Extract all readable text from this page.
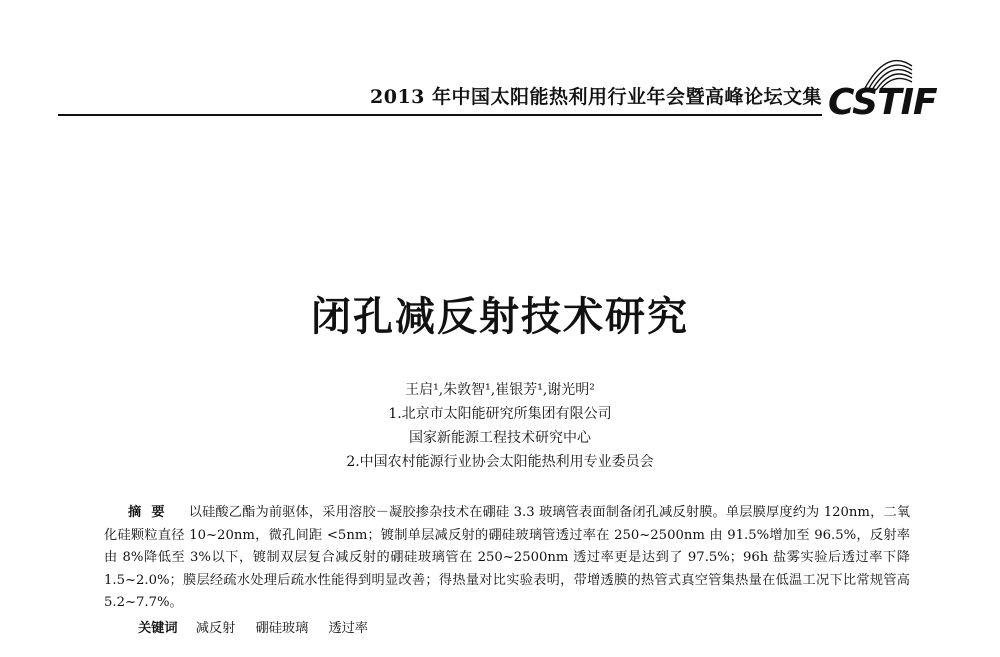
2013 年中国太阳能热利用行业年会暨高峰论坛文集 CSTIF
闭孔减反射技术研究
王启¹,朱敦智¹,崔银芳¹,谢光明²
1.北京市太阳能研究所集团有限公司
国家新能源工程技术研究中心
2.中国农村能源行业协会太阳能热利用专业委员会
摘要 以硅酸乙酯为前驱体，采用溶胶－凝胶掺杂技术在硼硅 3.3 玻璃管表面制备闭孔减反射膜。单层膜厚度约为 120nm，二氧化硅颗粒直径 10~20nm，微孔间距 <5nm；镀制单层减反射的硼硅玻璃管透过率在 250~2500nm 由 91.5%增加至 96.5%，反射率由 8%降低至 3%以下，镀制双层复合减反射的硼硅玻璃管在 250~2500nm 透过率更是达到了 97.5%；96h 盐雾实验后透过率下降 1.5~2.0%；膜层经疏水处理后疏水性能得到明显改善；得热量对比实验表明，带增透膜的热管式真空管集热量在低温工况下比常规管高 5.2~7.7%。
关键词 减反射 硼硅玻璃 透过率
